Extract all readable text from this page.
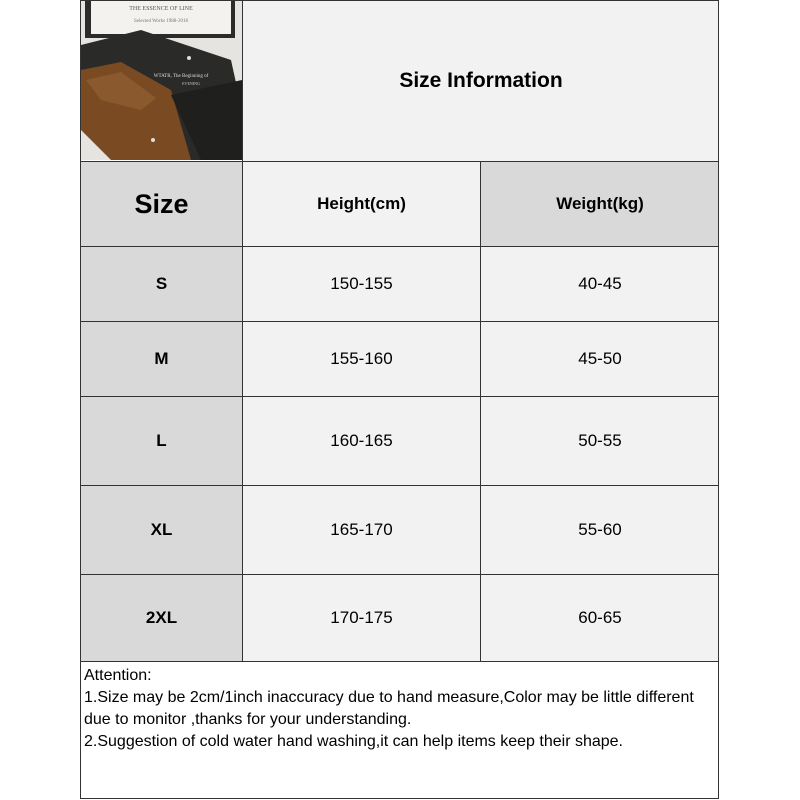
THE ESSENCE OF LINE
Selected Works 1988-2018
WTATR, The Beginning of
EVENING	Size Information
Size	Height(cm)	Weight(kg)
S	150-155	40-45
M	155-160	45-50
L	160-165	50-55
XL	165-170	55-60
2XL	170-175	60-65
Attention:
1.Size may be 2cm/1inch inaccuracy due to hand measure,Color may be little different due to monitor ,thanks for your understanding.
2.Suggestion of cold water hand washing,it can help items keep their shape.
